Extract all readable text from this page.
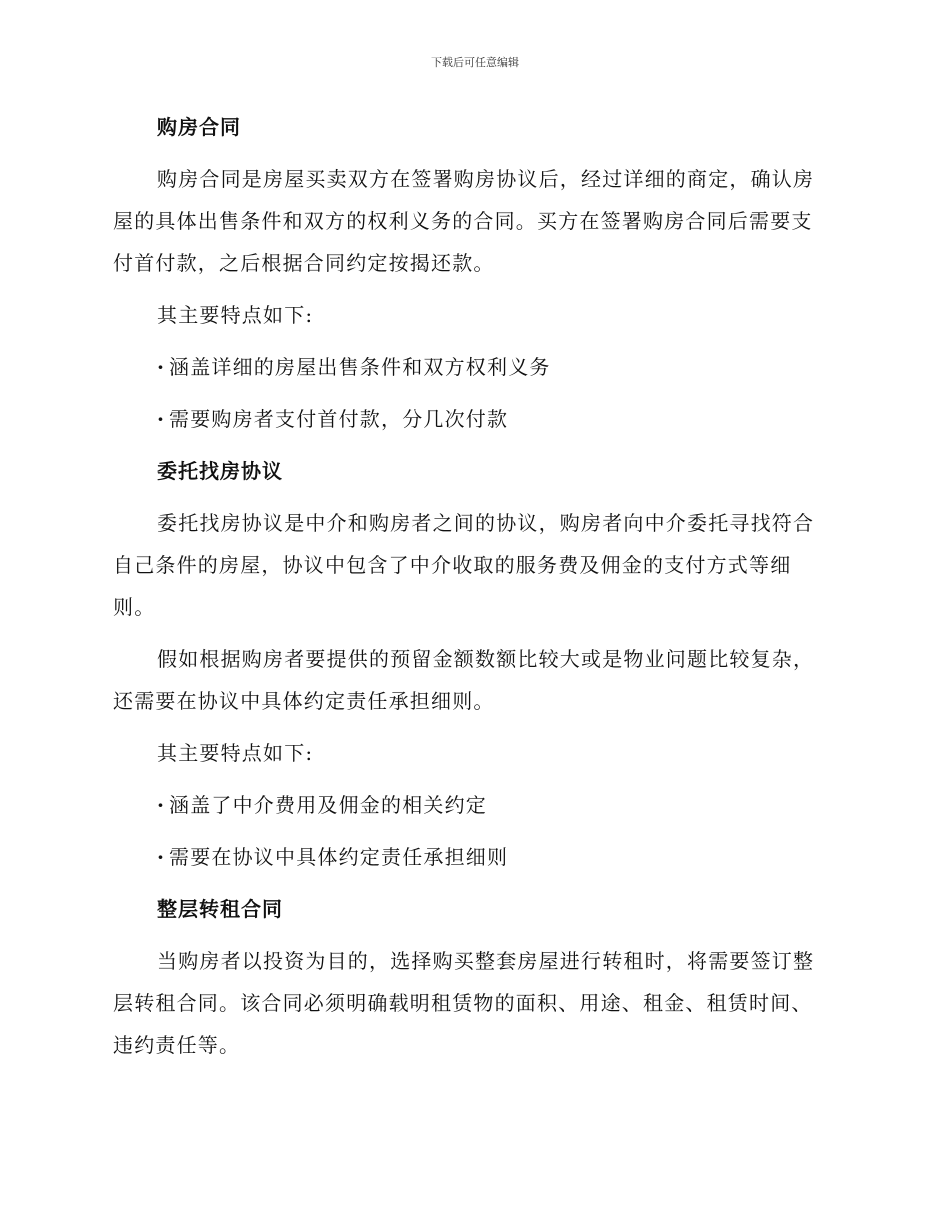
下载后可任意编辑
购房合同

购房合同是房屋买卖双方在签署购房协议后，经过详细的商定，确认房屋的具体出售条件和双方的权利义务的合同。买方在签署购房合同后需要支付首付款，之后根据合同约定按揭还款。

其主要特点如下:

· 涵盖详细的房屋出售条件和双方权利义务
· 需要购房者支付首付款，分几次付款
委托找房协议

委托找房协议是中介和购房者之间的协议，购房者向中介委托寻找符合自己条件的房屋，协议中包含了中介收取的服务费及佣金的支付方式等细则。

假如根据购房者要提供的预留金额数额比较大或是物业问题比较复杂，还需要在协议中具体约定责任承担细则。

其主要特点如下:

· 涵盖了中介费用及佣金的相关约定
· 需要在协议中具体约定责任承担细则
整层转租合同

当购房者以投资为目的，选择购买整套房屋进行转租时，将需要签订整层转租合同。该合同必须明确载明租赁物的面积、用途、租金、租赁时间、违约责任等。
